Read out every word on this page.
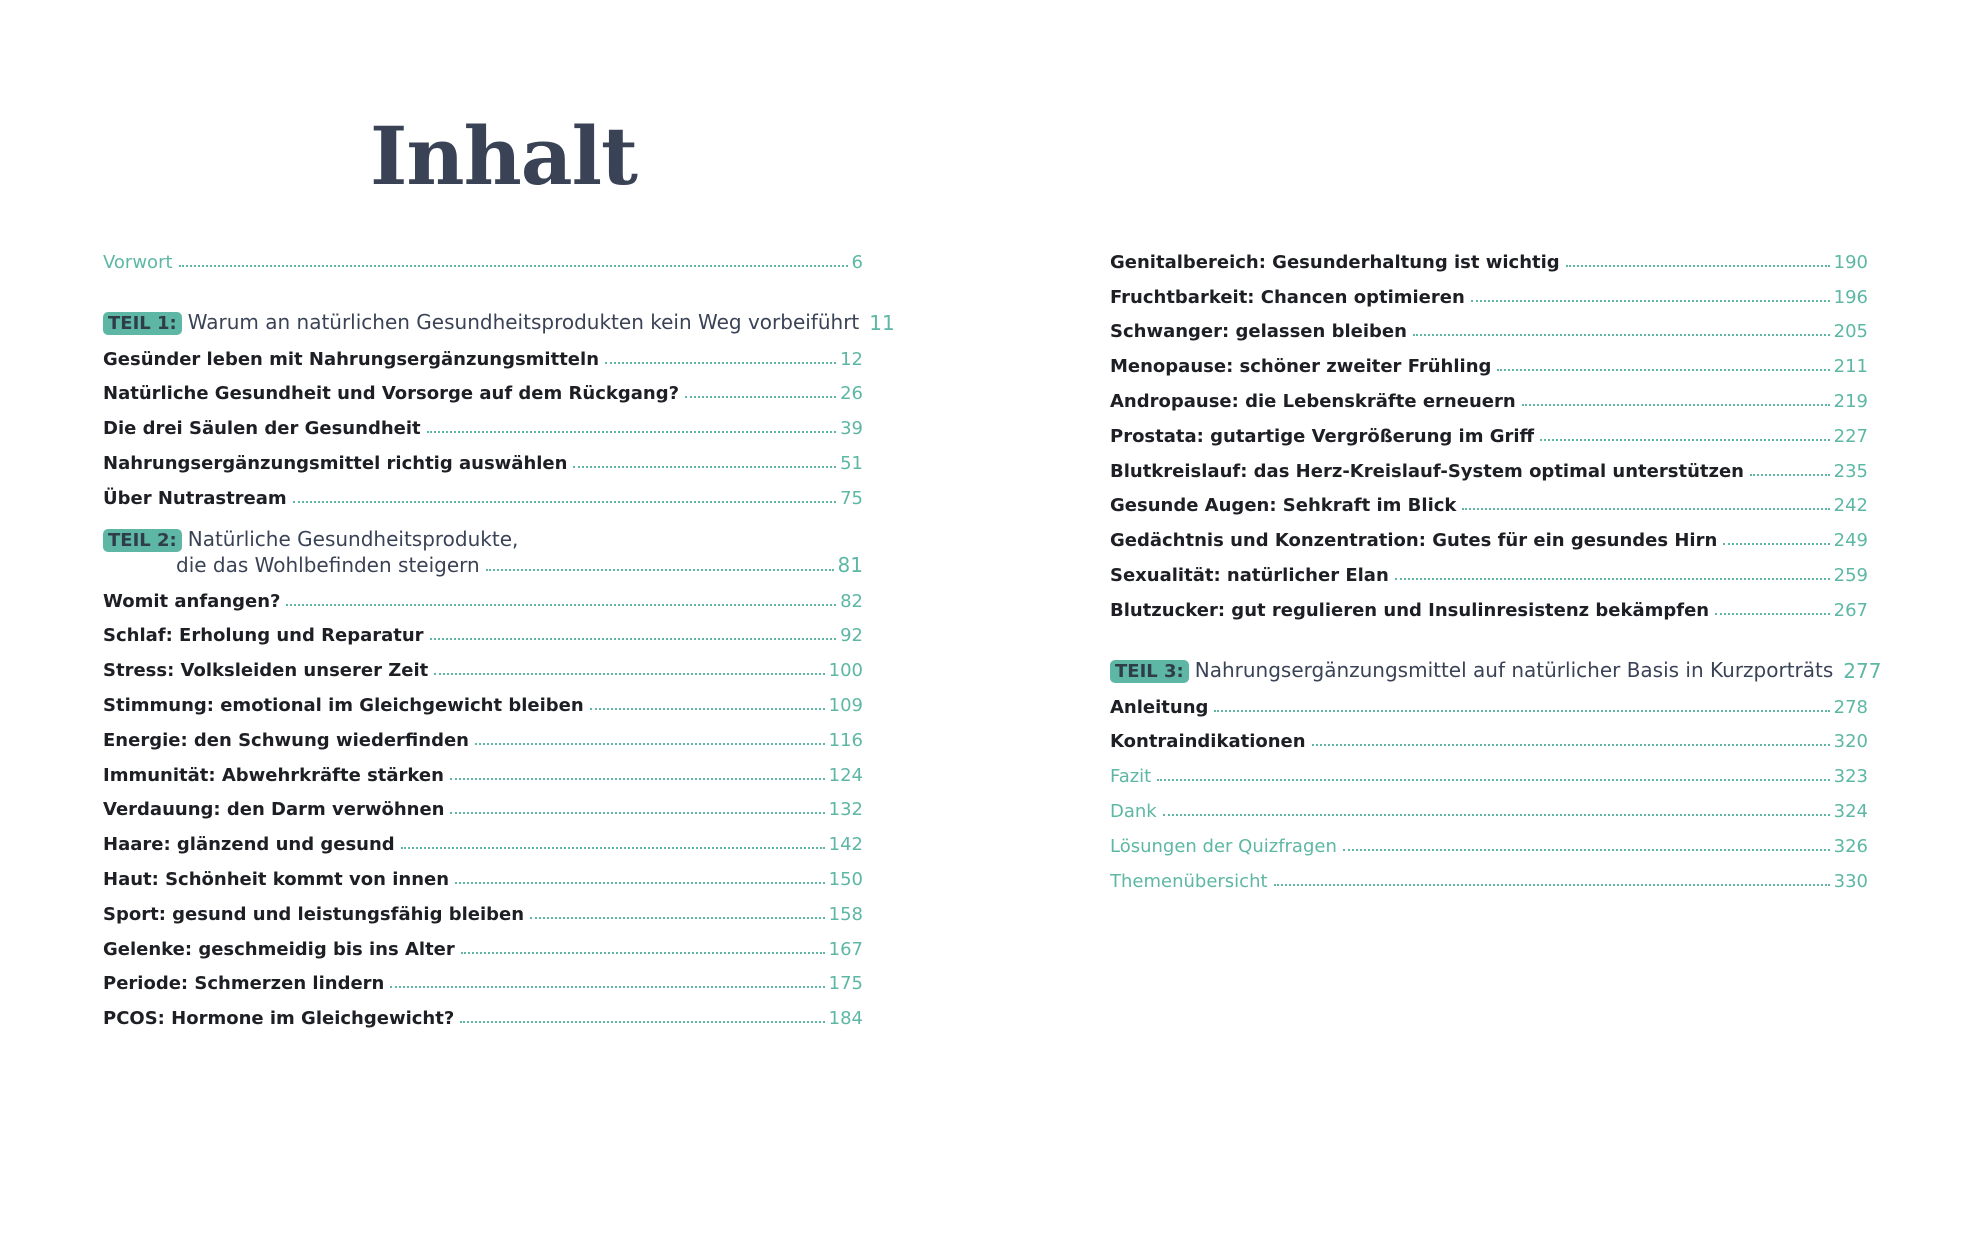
Inhalt
Vorwort	6
TEIL 1: Warum an natürlichen Gesundheitsprodukten kein Weg vorbeiführt 11
Gesünder leben mit Nahrungsergänzungsmitteln	12
Natürliche Gesundheit und Vorsorge auf dem Rückgang?	26
Die drei Säulen der Gesundheit	39
Nahrungsergänzungsmittel richtig auswählen	51
Über Nutrastream	75
TEIL 2: Natürliche Gesundheitsprodukte,
die das Wohlbefinden steigern	81
Womit anfangen?	82
Schlaf: Erholung und Reparatur	92
Stress: Volksleiden unserer Zeit	100
Stimmung: emotional im Gleichgewicht bleiben	109
Energie: den Schwung wiederfinden	116
Immunität: Abwehrkräfte stärken	124
Verdauung: den Darm verwöhnen	132
Haare: glänzend und gesund	142
Haut: Schönheit kommt von innen	150
Sport: gesund und leistungsfähig bleiben	158
Gelenke: geschmeidig bis ins Alter	167
Periode: Schmerzen lindern	175
PCOS: Hormone im Gleichgewicht?	184
Genitalbereich: Gesunderhaltung ist wichtig	190
Fruchtbarkeit: Chancen optimieren	196
Schwanger: gelassen bleiben	205
Menopause: schöner zweiter Frühling	211
Andropause: die Lebenskräfte erneuern	219
Prostata: gutartige Vergrößerung im Griff	227
Blutkreislauf: das Herz-Kreislauf-System optimal unterstützen	235
Gesunde Augen: Sehkraft im Blick	242
Gedächtnis und Konzentration: Gutes für ein gesundes Hirn	249
Sexualität: natürlicher Elan	259
Blutzucker: gut regulieren und Insulinresistenz bekämpfen	267
TEIL 3: Nahrungsergänzungsmittel auf natürlicher Basis in Kurzporträts 277
Anleitung	278
Kontraindikationen	320
Fazit	323
Dank	324
Lösungen der Quizfragen	326
Themenübersicht	330
